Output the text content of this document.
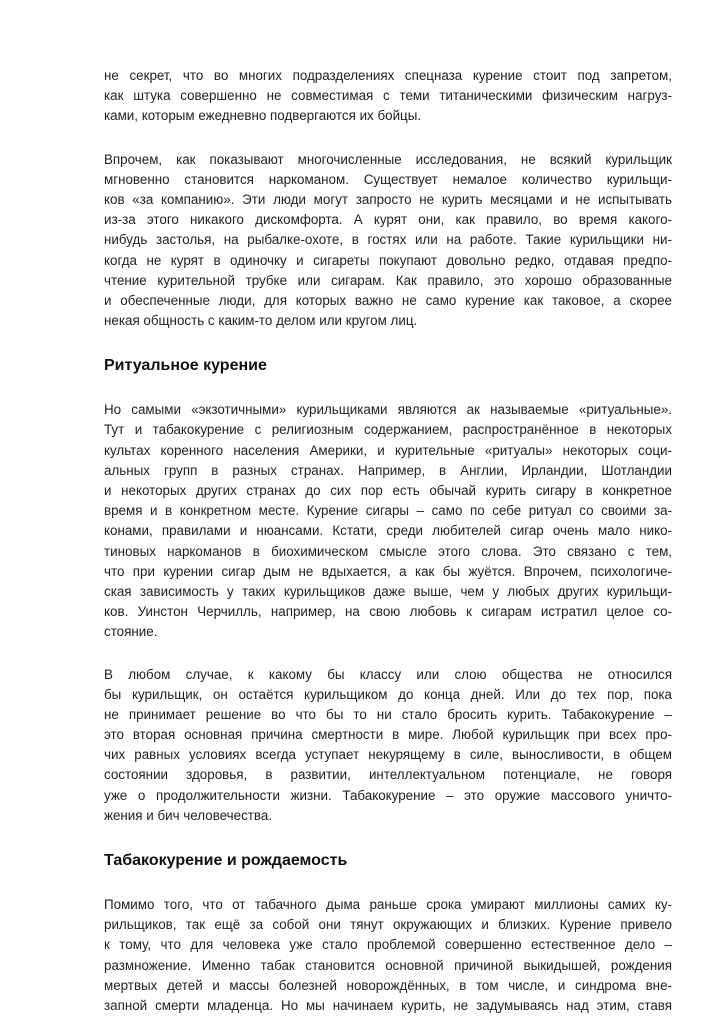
не секрет, что во многих подразделениях спецназа курение стоит под запретом,
как штука совершенно не совместимая с теми титаническими физическим нагруз-
ками, которым ежедневно подвергаются их бойцы.
Впрочем, как показывают многочисленные исследования, не всякий курильщик
мгновенно становится наркоманом. Существует немалое количество курильщи-
ков «за компанию». Эти люди могут запросто не курить месяцами и не испытывать
из-за этого никакого дискомфорта. А курят они, как правило, во время какого-
нибудь застолья, на рыбалке-охоте, в гостях или на работе. Такие курильщики ни-
когда не курят в одиночку и сигареты покупают довольно редко, отдавая предпо-
чтение курительной трубке или сигарам. Как правило, это хорошо образованные
и обеспеченные люди, для которых важно не само курение как таковое, а скорее
некая общность с каким-то делом или кругом лиц.
Ритуальное курение
Но самыми «экзотичными» курильщиками являются ак называемые «ритуальные».
Тут и табакокурение с религиозным содержанием, распространённое в некоторых
культах коренного населения Америки, и курительные «ритуалы» некоторых соци-
альных групп в разных странах. Например, в Англии, Ирландии, Шотландии
и некоторых других странах до сих пор есть обычай курить сигару в конкретное
время и в конкретном месте. Курение сигары – само по себе ритуал со своими за-
конами, правилами и нюансами. Кстати, среди любителей сигар очень мало нико-
тиновых наркоманов в биохимическом смысле этого слова. Это связано с тем,
что при курении сигар дым не вдыхается, а как бы жуётся. Впрочем, психологиче-
ская зависимость у таких курильщиков даже выше, чем у любых других курильщи-
ков. Уинстон Черчилль, например, на свою любовь к сигарам истратил целое со-
стояние.
В любом случае, к какому бы классу или слою общества не относился
бы курильщик, он остаётся курильщиком до конца дней. Или до тех пор, пока
не принимает решение во что бы то ни стало бросить курить. Табакокурение –
это вторая основная причина смертности в мире. Любой курильщик при всех про-
чих равных условиях всегда уступает некурящему в силе, выносливости, в общем
состоянии здоровья, в развитии, интеллектуальном потенциале, не говоря
уже о продолжительности жизни. Табакокурение – это оружие массового уничто-
жения и бич человечества.
Табакокурение и рождаемость
Помимо того, что от табачного дыма раньше срока умирают миллионы самих ку-
рильщиков, так ещё за собой они тянут окружающих и близких. Курение привело
к тому, что для человека уже стало проблемой совершенно естественное дело –
размножение. Именно табак становится основной причиной выкидышей, рождения
мертвых детей и массы болезней новорождённых, в том числе, и синдрома вне-
запной смерти младенца. Но мы начинаем курить, не задумываясь над этим, ставя
